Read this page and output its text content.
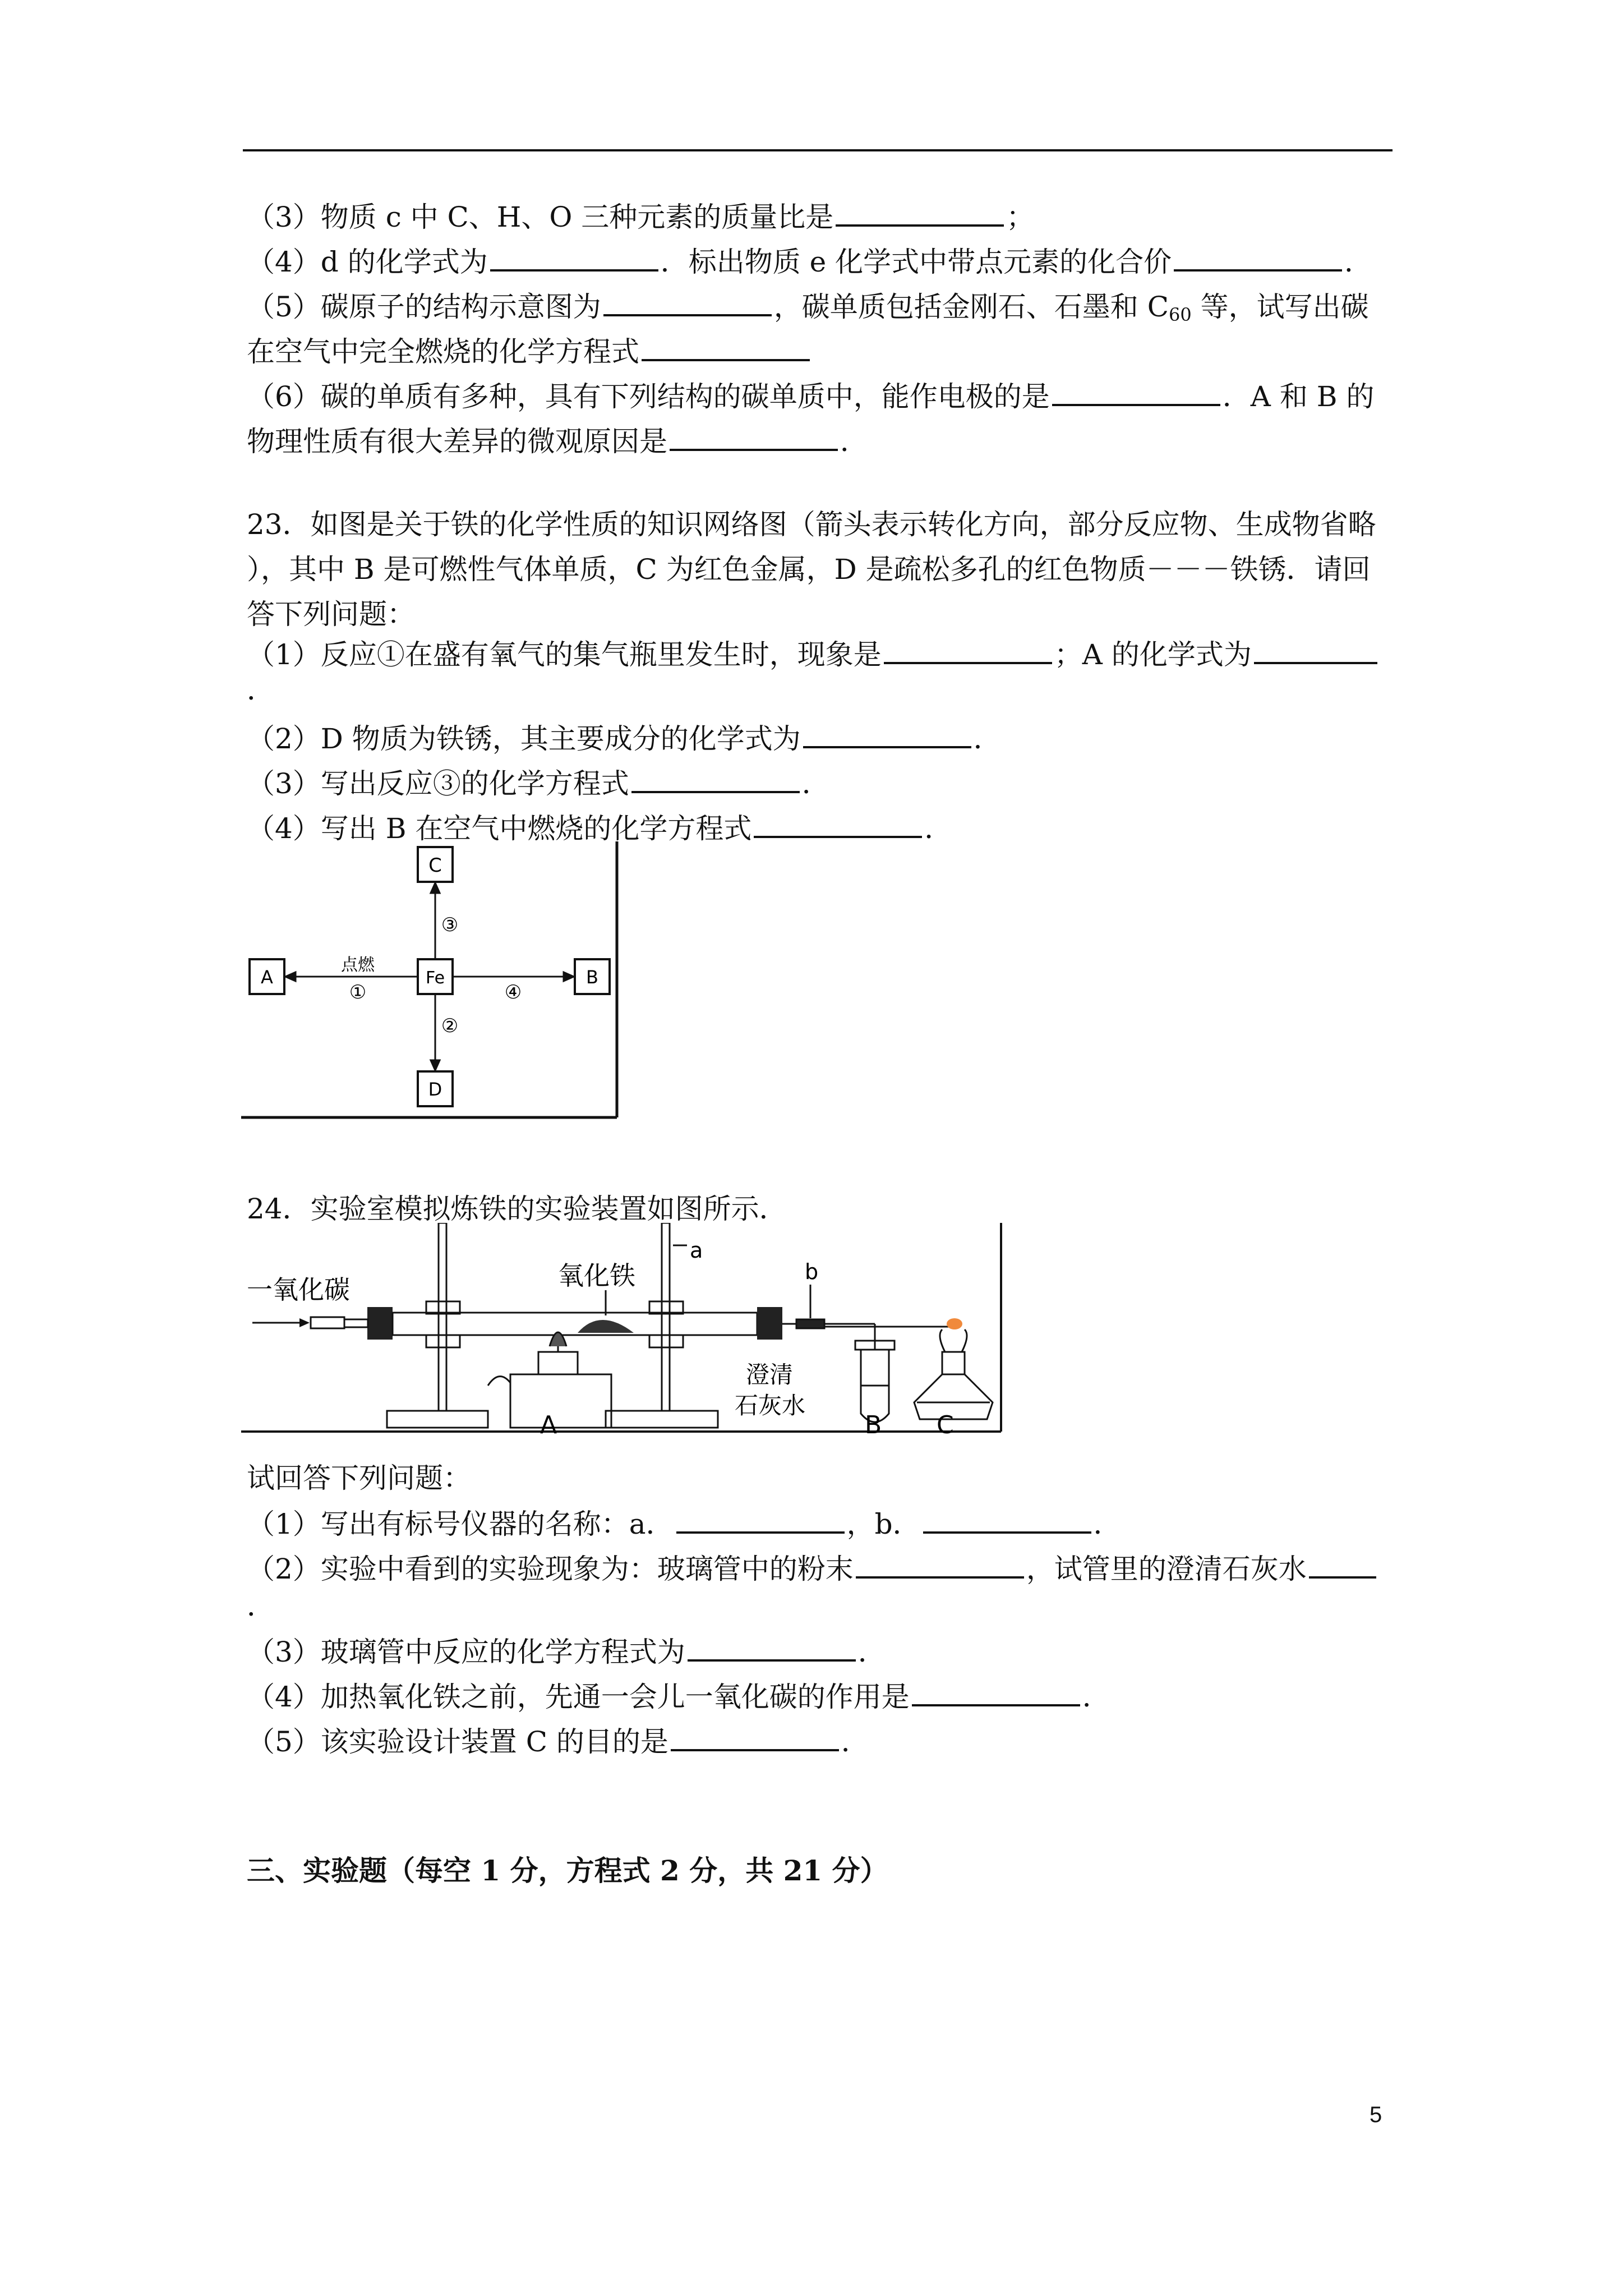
（3）物质 c 中 C、H、O 三种元素的质量比是	；
（4）d 的化学式为	．标出物质 e 化学式中带点元素的化合价	．
（5）碳原子的结构示意图为	，碳单质包括金刚石、石墨和 $C_{60}$ 等，试写出碳
在空气中完全燃烧的化学方程式
（6）碳的单质有多种，具有下列结构的碳单质中，能作电极的是	．A 和 B 的
物理性质有很大差异的微观原因是	．
23．如图是关于铁的化学性质的知识网络图（箭头表示转化方向，部分反应物、生成物省略
），其中 B 是可燃性气体单质，C 为红色金属，D 是疏松多孔的红色物质－－－铁锈．请回
答下列问题：
（1）反应①在盛有氧气的集气瓶里发生时，现象是	；A 的化学式为
．
（2）D 物质为铁锈，其主要成分的化学式为	．
（3）写出反应③的化学方程式	．
（4）写出 B 在空气中燃烧的化学方程式	．
C
Fe
A	B
D
点燃
①
③
②
④
24．实验室模拟炼铁的实验装置如图所示．
一氧化碳	氧化铁
a
A
b
澄清
石灰水
B C
试回答下列问题：
（1）写出有标号仪器的名称：a．	，b．	．
（2）实验中看到的实验现象为：玻璃管中的粉末	，试管里的澄清石灰水
．
（3）玻璃管中反应的化学方程式为	．
（4）加热氧化铁之前，先通一会儿一氧化碳的作用是	．
（5）该实验设计装置 C 的目的是	．
三、实验题（每空 1 分，方程式 2 分，共 21 分）
5
